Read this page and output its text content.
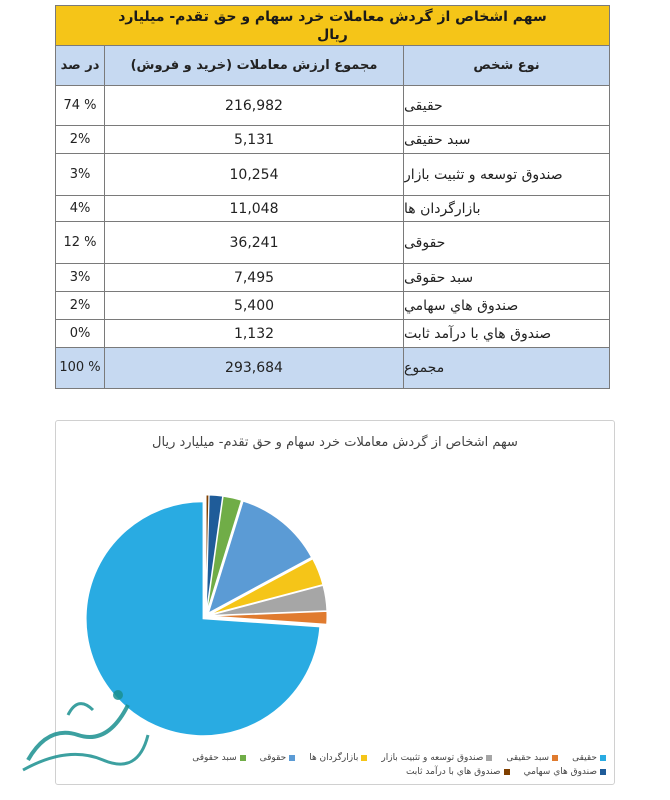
سهم اشخاص از گردش معاملات خرد سهام و حق تقدم- میلیارد ریال
نوع شخص
مجموع ارزش معاملات (خرید و فروش)
در صد
حقیقی
216,982
74 %
سبد حقیقی
5,131
2%
صندوق توسعه و تثبیت بازار
10,254
3%
بازارگردان ها
11,048
4%
حقوقی
36,241
12 %
سبد حقوقی
7,495
3%
صندوق هاي سهامي
5,400
2%
صندوق هاي با درآمد ثابت
1,132
0%
مجموع
293,684
100 %
سهم اشخاص از گردش معاملات خرد سهام و حق تقدم- میلیارد ریال
حقیقی
سبد حقیقی
صندوق توسعه و تثبیت بازار
بازارگردان ها
حقوقی
سبد حقوقی
صندوق هاي سهامي
صندوق هاي با درآمد ثابت
